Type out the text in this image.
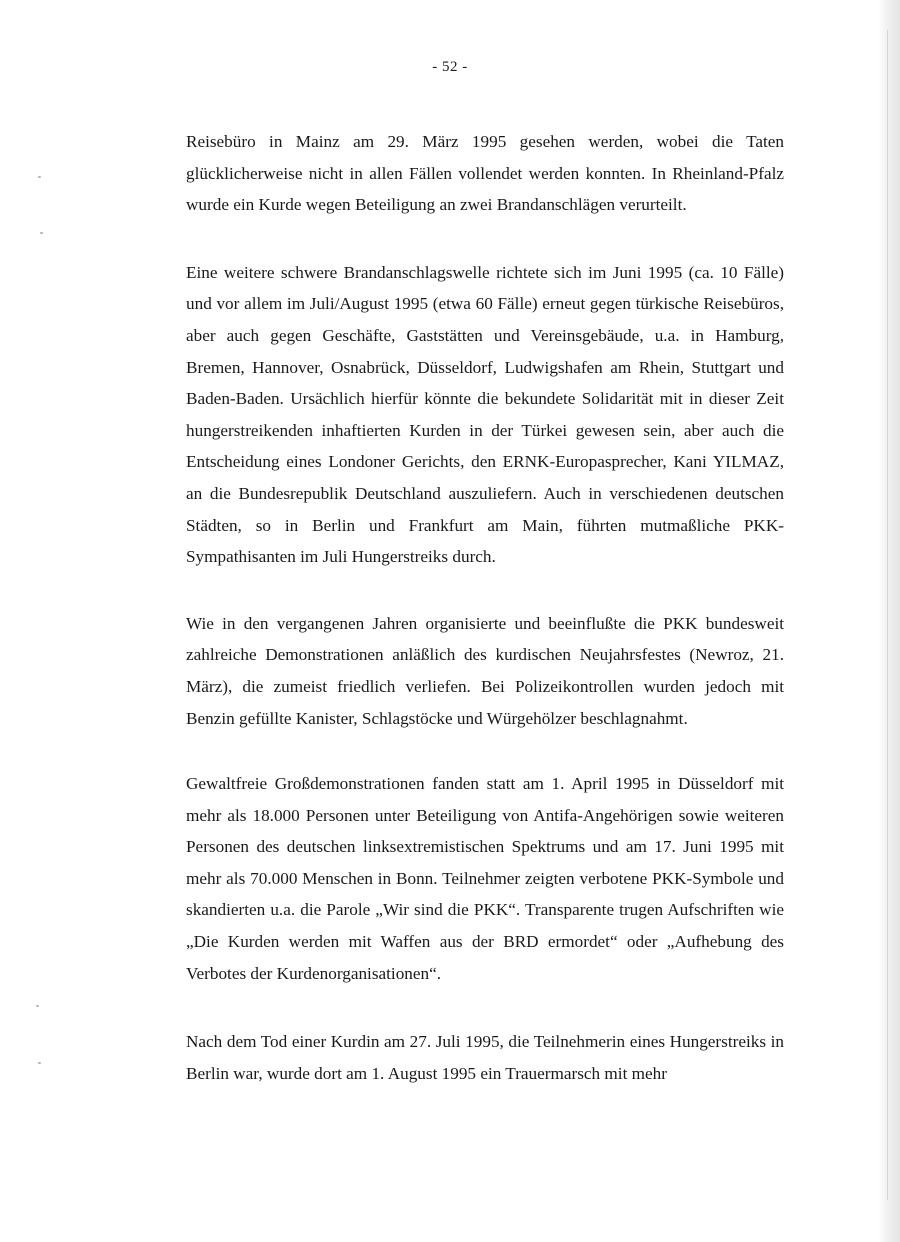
- 52 -

Reisebüro in Mainz am 29. März 1995 gesehen werden, wobei die Taten glücklicherweise nicht in allen Fällen vollendet werden konnten. In Rheinland-Pfalz wurde ein Kurde wegen Beteiligung an zwei Brandanschlägen verurteilt.

Eine weitere schwere Brandanschlagswelle richtete sich im Juni 1995 (ca. 10 Fälle) und vor allem im Juli/August 1995 (etwa 60 Fälle) erneut gegen türkische Reisebüros, aber auch gegen Geschäfte, Gaststätten und Vereinsgebäude, u.a. in Hamburg, Bremen, Hannover, Osnabrück, Düsseldorf, Ludwigshafen am Rhein, Stuttgart und Baden-Baden. Ursächlich hierfür könnte die bekundete Solidarität mit in dieser Zeit hungerstreikenden inhaftierten Kurden in der Türkei gewesen sein, aber auch die Entscheidung eines Londoner Gerichts, den ERNK-Europasprecher, Kani YILMAZ, an die Bundesrepublik Deutschland auszuliefern. Auch in verschiedenen deutschen Städten, so in Berlin und Frankfurt am Main, führten mutmaßliche PKK-Sympathisanten im Juli Hungerstreiks durch.

Wie in den vergangenen Jahren organisierte und beeinflußte die PKK bundesweit zahlreiche Demonstrationen anläßlich des kurdischen Neujahrsfestes (Newroz, 21. März), die zumeist friedlich verliefen. Bei Polizeikontrollen wurden jedoch mit Benzin gefüllte Kanister, Schlagstöcke und Würgehölzer beschlagnahmt.

Gewaltfreie Großdemonstrationen fanden statt am 1. April 1995 in Düsseldorf mit mehr als 18.000 Personen unter Beteiligung von Antifa-Angehörigen sowie weiteren Personen des deutschen linksextremistischen Spektrums und am 17. Juni 1995 mit mehr als 70.000 Menschen in Bonn. Teilnehmer zeigten verbotene PKK-Symbole und skandierten u.a. die Parole „Wir sind die PKK“. Transparente trugen Aufschriften wie „Die Kurden werden mit Waffen aus der BRD ermordet“ oder „Aufhebung des Verbotes der Kurdenorganisationen“.

Nach dem Tod einer Kurdin am 27. Juli 1995, die Teilnehmerin eines Hungerstreiks in Berlin war, wurde dort am 1. August 1995 ein Trauermarsch mit mehr
